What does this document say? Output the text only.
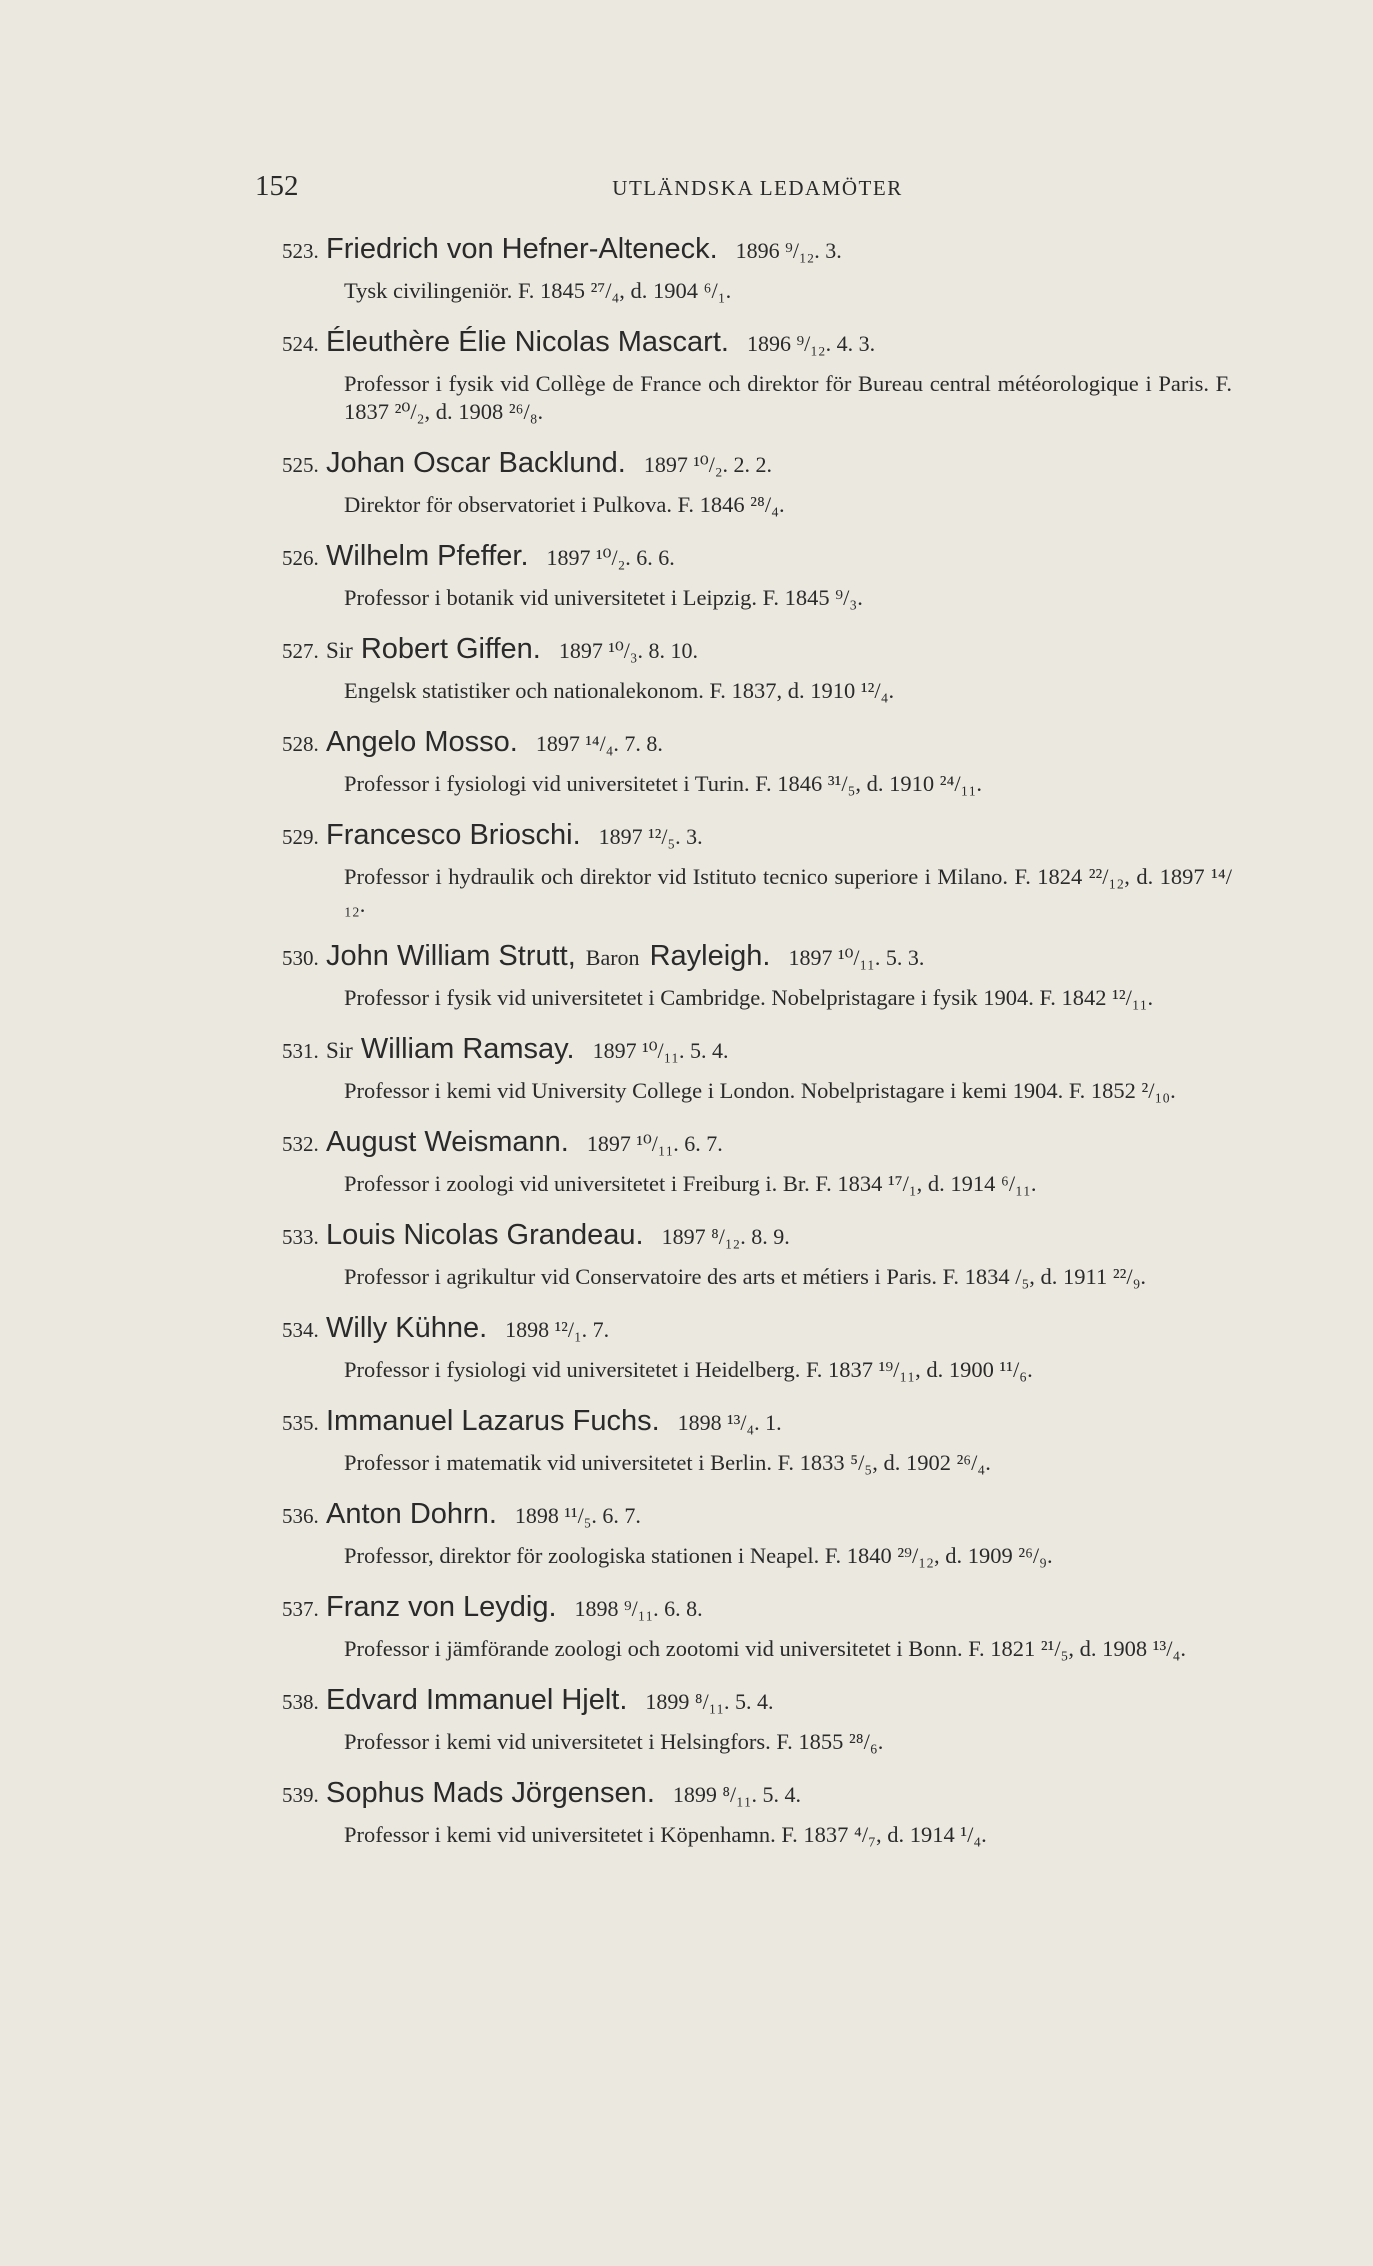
152	UTLÄNDSKA LEDAMÖTER
523. Friedrich von Hefner-Alteneck. 1896 ⁹/₁₂. 3.
Tysk civilingeniör. F. 1845 ²⁷/₄, d. 1904 ⁶/₁.
524. Éleuthère Élie Nicolas Mascart. 1896 ⁹/₁₂. 4. 3.
Professor i fysik vid Collège de France och direktor för Bureau central météorologique i Paris. F. 1837 ²⁰/₂, d. 1908 ²⁶/₈.
525. Johan Oscar Backlund. 1897 ¹⁰/₂. 2. 2.
Direktor för observatoriet i Pulkova. F. 1846 ²⁸/₄.
526. Wilhelm Pfeffer. 1897 ¹⁰/₂. 6. 6.
Professor i botanik vid universitetet i Leipzig. F. 1845 ⁹/₃.
527. Sir Robert Giffen. 1897 ¹⁰/₃. 8. 10.
Engelsk statistiker och nationalekonom. F. 1837, d. 1910 ¹²/₄.
528. Angelo Mosso. 1897 ¹⁴/₄. 7. 8.
Professor i fysiologi vid universitetet i Turin. F. 1846 ³¹/₅, d. 1910 ²⁴/₁₁.
529. Francesco Brioschi. 1897 ¹²/₅. 3.
Professor i hydraulik och direktor vid Istituto tecnico superiore i Milano. F. 1824 ²²/₁₂, d. 1897 ¹⁴/₁₂.
530. John William Strutt, Baron Rayleigh. 1897 ¹⁰/₁₁. 5. 3.
Professor i fysik vid universitetet i Cambridge. Nobelpristagare i fysik 1904. F. 1842 ¹²/₁₁.
531. Sir William Ramsay. 1897 ¹⁰/₁₁. 5. 4.
Professor i kemi vid University College i London. Nobelpristagare i kemi 1904. F. 1852 ²/₁₀.
532. August Weismann. 1897 ¹⁰/₁₁. 6. 7.
Professor i zoologi vid universitetet i Freiburg i. Br. F. 1834 ¹⁷/₁, d. 1914 ⁶/₁₁.
533. Louis Nicolas Grandeau. 1897 ⁸/₁₂. 8. 9.
Professor i agrikultur vid Conservatoire des arts et métiers i Paris. F. 1834 /₅, d. 1911 ²²/₉.
534. Willy Kühne. 1898 ¹²/₁. 7.
Professor i fysiologi vid universitetet i Heidelberg. F. 1837 ¹⁹/₁₁, d. 1900 ¹¹/₆.
535. Immanuel Lazarus Fuchs. 1898 ¹³/₄. 1.
Professor i matematik vid universitetet i Berlin. F. 1833 ⁵/₅, d. 1902 ²⁶/₄.
536. Anton Dohrn. 1898 ¹¹/₅. 6. 7.
Professor, direktor för zoologiska stationen i Neapel. F. 1840 ²⁹/₁₂, d. 1909 ²⁶/₉.
537. Franz von Leydig. 1898 ⁹/₁₁. 6. 8.
Professor i jämförande zoologi och zootomi vid universitetet i Bonn. F. 1821 ²¹/₅, d. 1908 ¹³/₄.
538. Edvard Immanuel Hjelt. 1899 ⁸/₁₁. 5. 4.
Professor i kemi vid universitetet i Helsingfors. F. 1855 ²⁸/₆.
539. Sophus Mads Jörgensen. 1899 ⁸/₁₁. 5. 4.
Professor i kemi vid universitetet i Köpenhamn. F. 1837 ⁴/₇, d. 1914 ¹/₄.
